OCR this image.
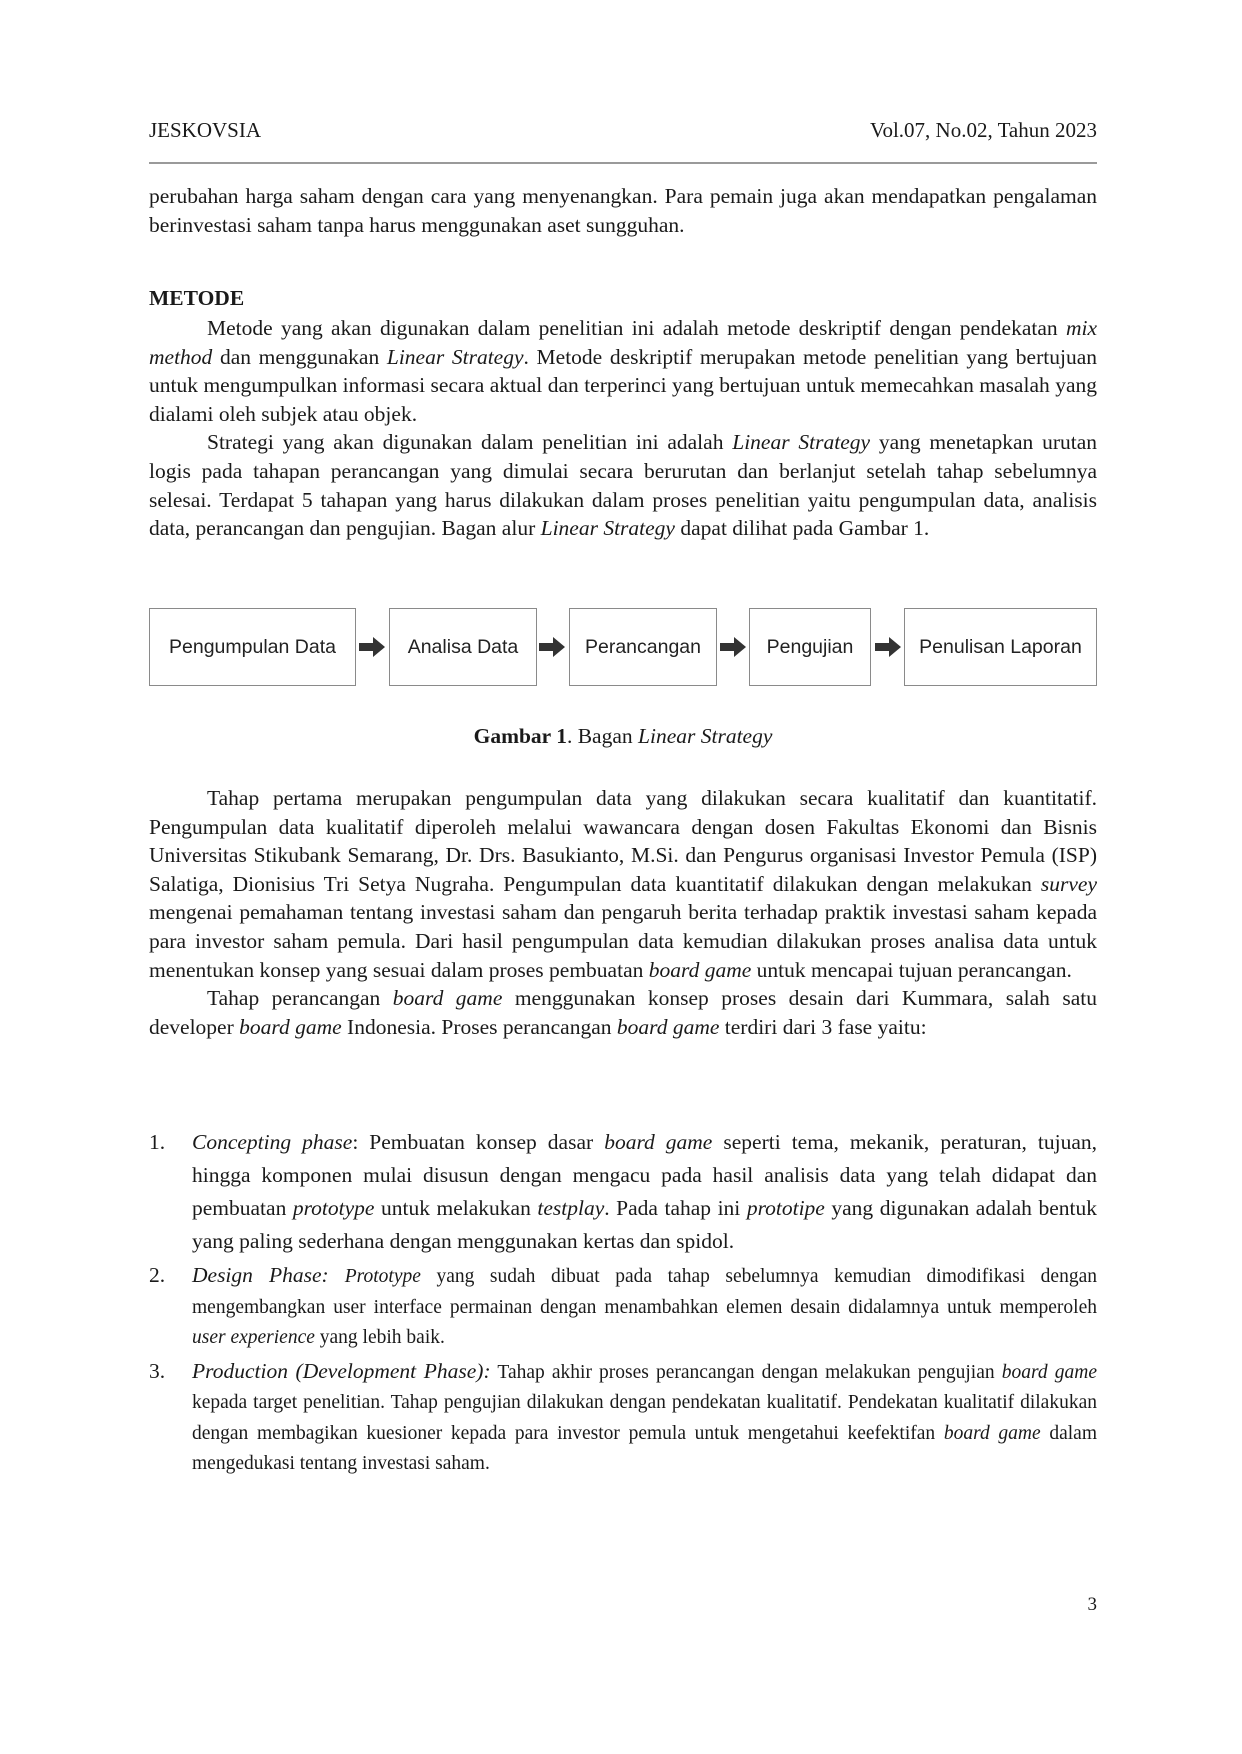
JESKOVSIA	Vol.07, No.02, Tahun 2023

perubahan harga saham dengan cara yang menyenangkan. Para pemain juga akan mendapatkan pengalaman berinvestasi saham tanpa harus menggunakan aset sungguhan.

METODE

Metode yang akan digunakan dalam penelitian ini adalah metode deskriptif dengan pendekatan mix method dan menggunakan Linear Strategy. Metode deskriptif merupakan metode penelitian yang bertujuan untuk mengumpulkan informasi secara aktual dan terperinci yang bertujuan untuk memecahkan masalah yang dialami oleh subjek atau objek.

Strategi yang akan digunakan dalam penelitian ini adalah Linear Strategy yang menetapkan urutan logis pada tahapan perancangan yang dimulai secara berurutan dan berlanjut setelah tahap sebelumnya selesai. Terdapat 5 tahapan yang harus dilakukan dalam proses penelitian yaitu pengumpulan data, analisis data, perancangan dan pengujian. Bagan alur Linear Strategy dapat dilihat pada Gambar 1.

Pengumpulan Data	Analisa Data	Perancangan	Pengujian	Penulisan Laporan
Gambar 1. Bagan Linear Strategy

Tahap pertama merupakan pengumpulan data yang dilakukan secara kualitatif dan kuantitatif. Pengumpulan data kualitatif diperoleh melalui wawancara dengan dosen Fakultas Ekonomi dan Bisnis Universitas Stikubank Semarang, Dr. Drs. Basukianto, M.Si. dan Pengurus organisasi Investor Pemula (ISP) Salatiga, Dionisius Tri Setya Nugraha. Pengumpulan data kuantitatif dilakukan dengan melakukan survey mengenai pemahaman tentang investasi saham dan pengaruh berita terhadap praktik investasi saham kepada para investor saham pemula. Dari hasil pengumpulan data kemudian dilakukan proses analisa data untuk menentukan konsep yang sesuai dalam proses pembuatan board game untuk mencapai tujuan perancangan.

Tahap perancangan board game menggunakan konsep proses desain dari Kummara, salah satu developer board game Indonesia. Proses perancangan board game terdiri dari 3 fase yaitu:

1. Concepting phase: Pembuatan konsep dasar board game seperti tema, mekanik, peraturan, tujuan, hingga komponen mulai disusun dengan mengacu pada hasil analisis data yang telah didapat dan pembuatan prototype untuk melakukan testplay. Pada tahap ini prototipe yang digunakan adalah bentuk yang paling sederhana dengan menggunakan kertas dan spidol.
2. Design Phase: Prototype yang sudah dibuat pada tahap sebelumnya kemudian dimodifikasi dengan mengembangkan user interface permainan dengan menambahkan elemen desain didalamnya untuk memperoleh user experience yang lebih baik.
3. Production (Development Phase): Tahap akhir proses perancangan dengan melakukan pengujian board game kepada target penelitian. Tahap pengujian dilakukan dengan pendekatan kualitatif. Pendekatan kualitatif dilakukan dengan membagikan kuesioner kepada para investor pemula untuk mengetahui keefektifan board game dalam mengedukasi tentang investasi saham.
3
